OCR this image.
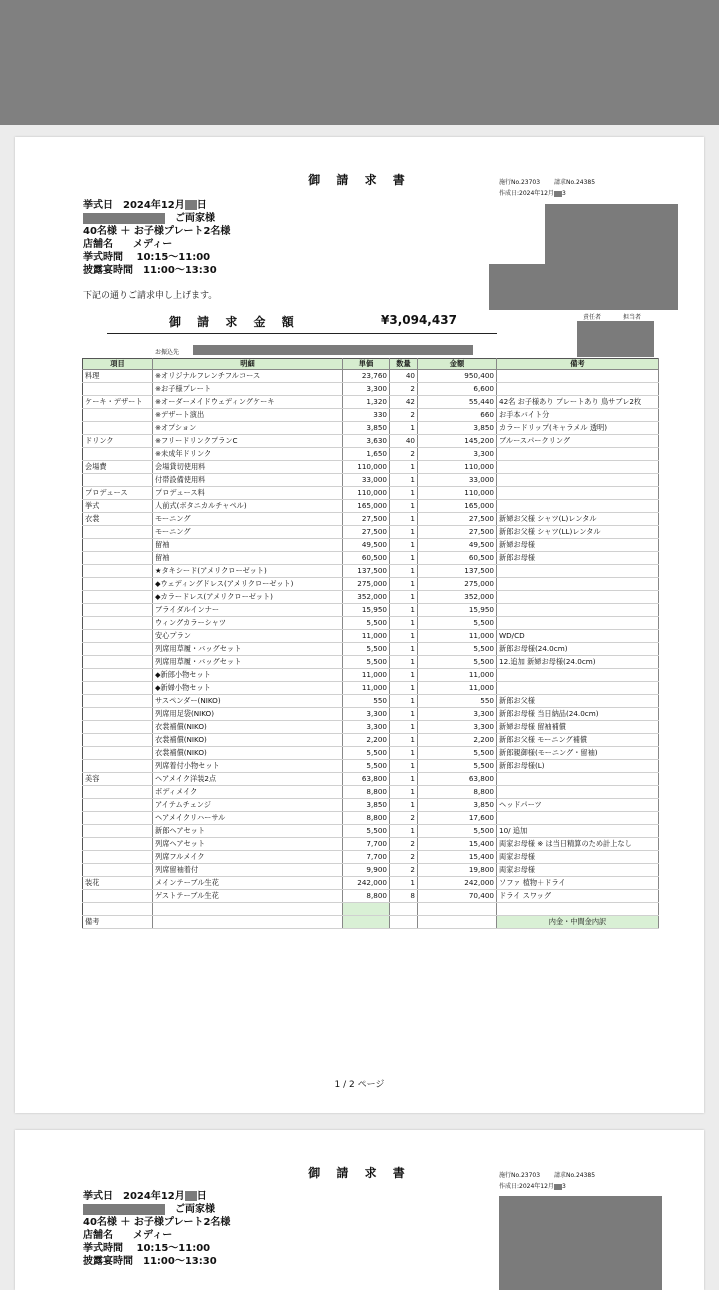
御 請 求 書	施行No.23703　　 請求No.24385
作成日:2024年12月 3
挙式日　2024年12月 日
　ご両家様
40名様 ＋ お子様プレート2名様
店舗名　　メディー
挙式時間　 10:15〜11:00
披露宴時間　11:00〜13:30
下記の通りご請求申し上げます。
御 請 求 金 額	¥3,094,437	責任者	担当者
お振込先
項目	明細	単価	数量	金額	備考
料理	※オリジナルフレンチフルコース	23,760	40	950,400	
	※お子様プレート	3,300	2	6,600	
ケーキ・デザート	※オーダーメイドウェディングケーキ	1,320	42	55,440	42名 お子様あり プレートあり 鳥サブレ2枚
	※デザート演出	330	2	660	お手本バイト分
	※オプション	3,850	1	3,850	カラードリップ(キャラメル 透明)
ドリンク	※フリードリンクプランC	3,630	40	145,200	ブルースパークリング
	※未成年ドリンク	1,650	2	3,300	
会場費	会場貸切使用料	110,000	1	110,000	
	付帯設備使用料	33,000	1	33,000	
プロデュース	プロデュース料	110,000	1	110,000	
挙式	人前式(ボタニカルチャペル)	165,000	1	165,000	
衣裳	モーニング	27,500	1	27,500	新婦お父様 シャツ(L)レンタル
	モーニング	27,500	1	27,500	新郎お父様 シャツ(LL)レンタル
	留袖	49,500	1	49,500	新婦お母様
	留袖	60,500	1	60,500	新郎お母様
	★タキシード(アメリクローゼット)	137,500	1	137,500	
	◆ウェディングドレス(アメリクローゼット)	275,000	1	275,000	
	◆カラードレス(アメリクローゼット)	352,000	1	352,000	
	ブライダルインナー	15,950	1	15,950	
	ウィングカラーシャツ	5,500	1	5,500	
	安心プラン	11,000	1	11,000	WD/CD
	列席用草履・バッグセット	5,500	1	5,500	新郎お母様(24.0cm)
	列席用草履・バッグセット	5,500	1	5,500	12.追加 新婦お母様(24.0cm)
	◆新郎小物セット	11,000	1	11,000	
	◆新婦小物セット	11,000	1	11,000	
	サスペンダー(NIKO)	550	1	550	新郎お父様
	列席用足袋(NIKO)	3,300	1	3,300	新郎お母様 当日納品(24.0cm)
	衣裳補償(NIKO)	3,300	1	3,300	新婦お母様 留袖補償
	衣裳補償(NIKO)	2,200	1	2,200	新郎お父様 モーニング補償
	衣裳補償(NIKO)	5,500	1	5,500	新郎親御様(モーニング・留袖)
	列席着付小物セット	5,500	1	5,500	新郎お母様(L)
美容	ヘアメイク洋装2点	63,800	1	63,800	
	ボディメイク	8,800	1	8,800	
	アイテムチェンジ	3,850	1	3,850	ヘッドパーツ
	ヘアメイクリハーサル	8,800	2	17,600	
	新郎ヘアセット	5,500	1	5,500	10/ 追加
	列席ヘアセット	7,700	2	15,400	両家お母様 ※ は当日精算のため計上なし
	列席フルメイク	7,700	2	15,400	両家お母様
	列席留袖着付	9,900	2	19,800	両家お母様
装花	メインテーブル生花	242,000	1	242,000	ソファ 植物＋ドライ
	ゲストテーブル生花	8,800	8	70,400	ドライ スワッグ

備考					内金・中間金内訳
1 / 2 ページ
御 請 求 書	施行No.23703　　 請求No.24385
作成日:2024年12月 3
挙式日　2024年12月 日
　ご両家様
40名様 ＋ お子様プレート2名様
店舗名　　メディー
挙式時間　 10:15〜11:00
披露宴時間　11:00〜13:30
